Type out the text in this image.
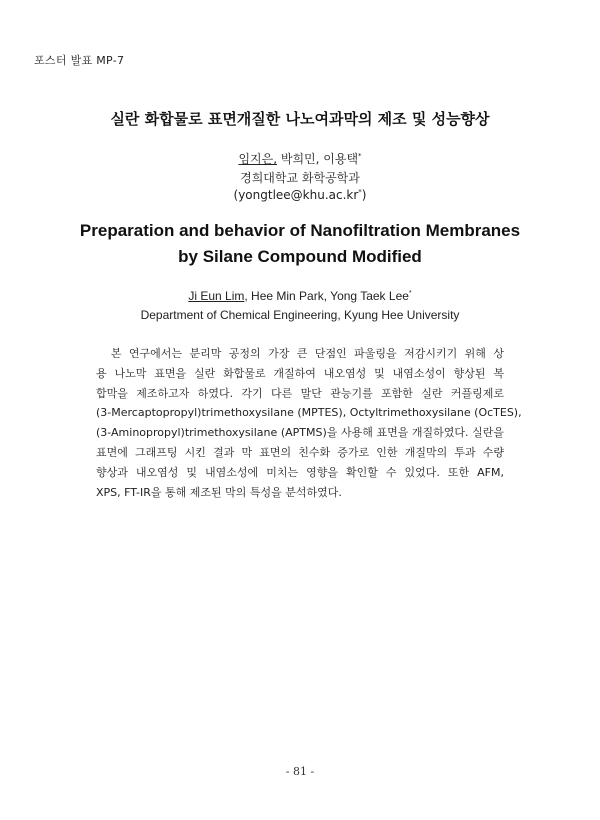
포스터 발표 MP-7
실란 화합물로 표면개질한 나노여과막의 제조 및 성능향상
임지은, 박희민, 이용택*
경희대학교 화학공학과
(yongtlee@khu.ac.kr*)
Preparation and behavior of Nanofiltration Membranes
by Silane Compound Modified
Ji Eun Lim, Hee Min Park, Yong Taek Lee*
Department of Chemical Engineering, Kyung Hee University

본 연구에서는 분리막 공정의 가장 큰 단점인 파울링을 저감시키기 위해 상
용 나노막 표면을 실란 화합물로 개질하여 내오염성 및 내염소성이 향상된 복
합막을 제조하고자 하였다. 각기 다른 말단 관능기를 포함한 실란 커플링제로
(3-Mercaptopropyl)trimethoxysilane (MPTES), Octyltrimethoxysilane (OcTES),
(3-Aminopropyl)trimethoxysilane (APTMS)을 사용해 표면을 개질하였다. 실란을
표면에 그래프팅 시킨 결과 막 표면의 친수화 증가로 인한 개질막의 투과 수량
향상과 내오염성 및 내염소성에 미치는 영향을 확인할 수 있었다. 또한 AFM,
XPS, FT-IR을 통해 제조된 막의 특성을 분석하였다.

- 81 -
